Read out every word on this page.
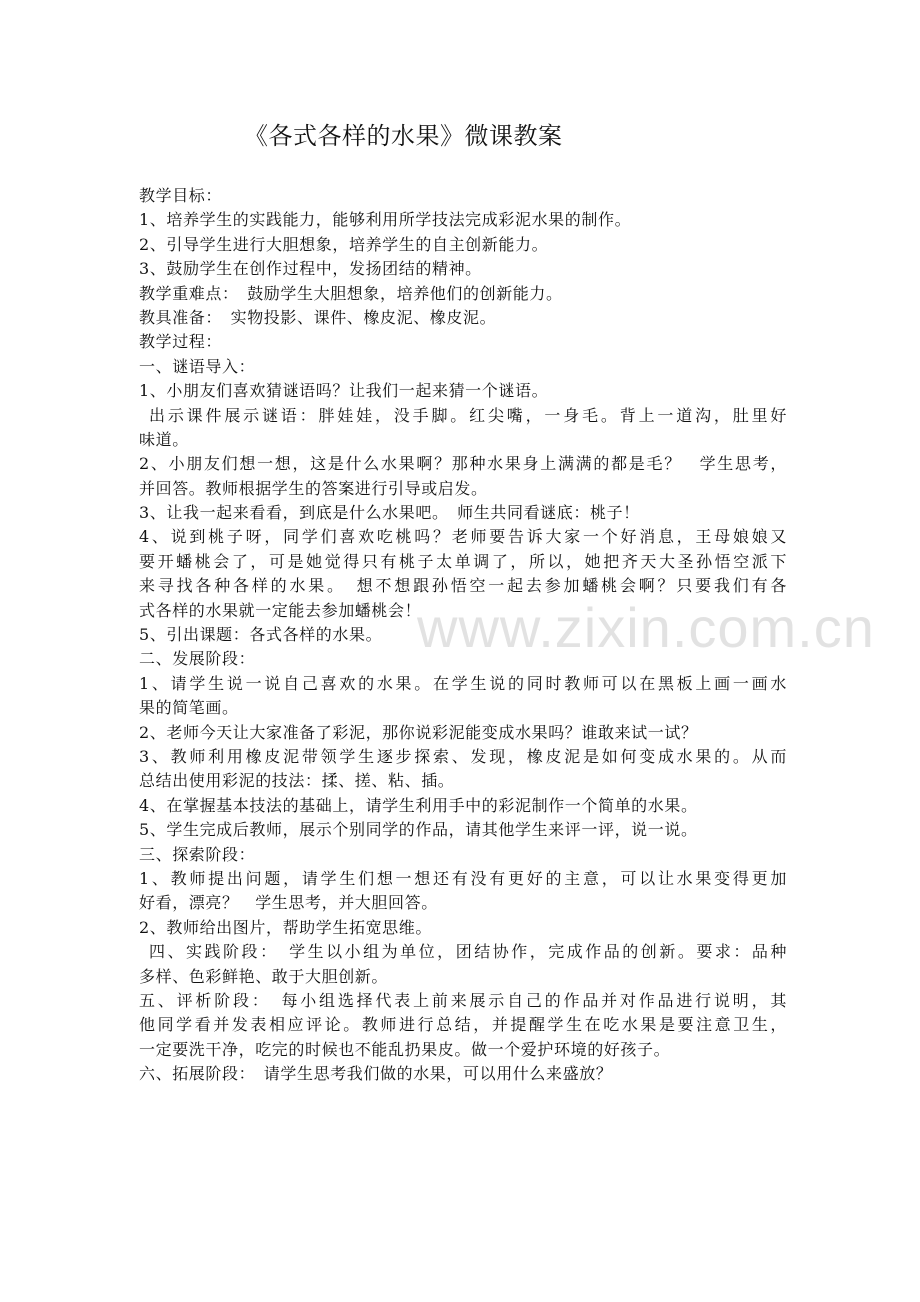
《各式各样的水果》微课教案
教学目标：
1、培养学生的实践能力，能够利用所学技法完成彩泥水果的制作。
2、引导学生进行大胆想象，培养学生的自主创新能力。
3、鼓励学生在创作过程中，发扬团结的精神。
教学重难点：　鼓励学生大胆想象，培养他们的创新能力。
教具准备：　实物投影、课件、橡皮泥、橡皮泥。
教学过程：
一、谜语导入：
1、小朋友们喜欢猜谜语吗？让我们一起来猜一个谜语。
出示课件展示谜语：胖娃娃，没手脚。红尖嘴，一身毛。背上一道沟，肚里好
味道。
2、小朋友们想一想，这是什么水果啊？那种水果身上满满的都是毛？　学生思考，
并回答。教师根据学生的答案进行引导或启发。
3、让我一起来看看，到底是什么水果吧。　师生共同看谜底：桃子！
4、说到桃子呀，同学们喜欢吃桃吗？老师要告诉大家一个好消息，王母娘娘又
要开蟠桃会了，可是她觉得只有桃子太单调了，所以，她把齐天大圣孙悟空派下
来寻找各种各样的水果。　想不想跟孙悟空一起去参加蟠桃会啊？只要我们有各
式各样的水果就一定能去参加蟠桃会！
5、引出课题：各式各样的水果。
二、发展阶段：
1、请学生说一说自己喜欢的水果。在学生说的同时教师可以在黑板上画一画水
果的简笔画。
2、老师今天让大家准备了彩泥，那你说彩泥能变成水果吗？谁敢来试一试？
3、教师利用橡皮泥带领学生逐步探索、发现，橡皮泥是如何变成水果的。从而
总结出使用彩泥的技法：揉、搓、粘、插。
4、在掌握基本技法的基础上，请学生利用手中的彩泥制作一个简单的水果。
5、学生完成后教师，展示个别同学的作品，请其他学生来评一评，说一说。
三、探索阶段：
1、教师提出问题，请学生们想一想还有没有更好的主意，可以让水果变得更加
好看，漂亮？　学生思考，并大胆回答。
2、教师给出图片，帮助学生拓宽思维。
四、实践阶段：　学生以小组为单位，团结协作，完成作品的创新。要求：品种
多样、色彩鲜艳、敢于大胆创新。
五、评析阶段：　每小组选择代表上前来展示自己的作品并对作品进行说明，其
他同学看并发表相应评论。教师进行总结，并提醒学生在吃水果是要注意卫生，
一定要洗干净，吃完的时候也不能乱扔果皮。做一个爱护环境的好孩子。
六、拓展阶段：　请学生思考我们做的水果，可以用什么来盛放？
www.zixin.com.cn
